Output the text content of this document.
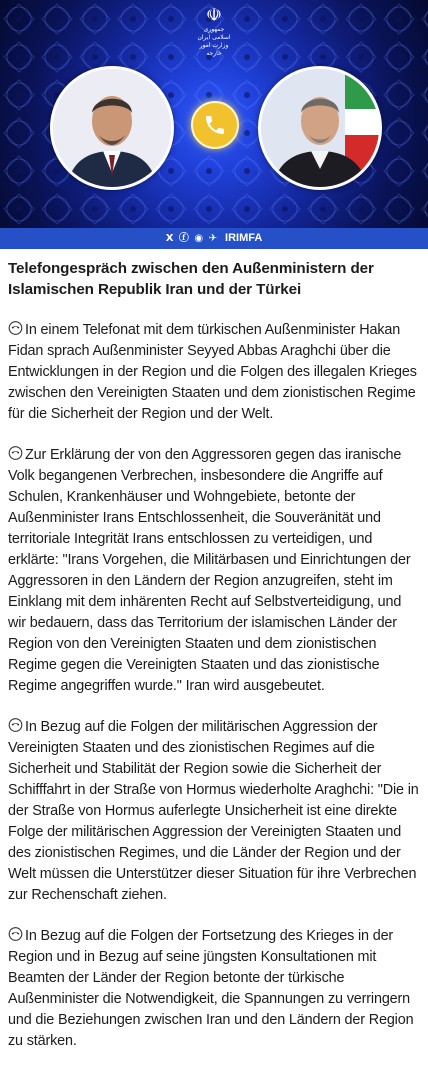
☫
جمهوری اسلامی ایران وزارت امور خارجه
X ⓕ ◉ ✈ IRIMFA
Telefongespräch zwischen den Außenministern der Islamischen Republik Iran und der Türkei

In einem Telefonat mit dem türkischen Außenminister Hakan Fidan sprach Außenminister Seyyed Abbas Araghchi über die Entwicklungen in der Region und die Folgen des illegalen Krieges zwischen den Vereinigten Staaten und dem zionistischen Regime für die Sicherheit der Region und der Welt.

Zur Erklärung der von den Aggressoren gegen das iranische Volk begangenen Verbrechen, insbesondere die Angriffe auf Schulen, Krankenhäuser und Wohngebiete, betonte der Außenminister Irans Entschlossenheit, die Souveränität und territoriale Integrität Irans entschlossen zu verteidigen, und erklärte: "Irans Vorgehen, die Militärbasen und Einrichtungen der Aggressoren in den Ländern der Region anzugreifen, steht im Einklang mit dem inhärenten Recht auf Selbstverteidigung, und wir bedauern, dass das Territorium der islamischen Länder der Region von den Vereinigten Staaten und dem zionistischen Regime gegen die Vereinigten Staaten und das zionistische Regime angegriffen wurde." Iran wird ausgebeutet.

In Bezug auf die Folgen der militärischen Aggression der Vereinigten Staaten und des zionistischen Regimes auf die Sicherheit und Stabilität der Region sowie die Sicherheit der Schifffahrt in der Straße von Hormus wiederholte Araghchi: "Die in der Straße von Hormus auferlegte Unsicherheit ist eine direkte Folge der militärischen Aggression der Vereinigten Staaten und des zionistischen Regimes, und die Länder der Region und der Welt müssen die Unterstützer dieser Situation für ihre Verbrechen zur Rechenschaft ziehen.

In Bezug auf die Folgen der Fortsetzung des Krieges in der Region und in Bezug auf seine jüngsten Konsultationen mit Beamten der Länder der Region betonte der türkische Außenminister die Notwendigkeit, die Spannungen zu verringern und die Beziehungen zwischen Iran und den Ländern der Region zu stärken.
